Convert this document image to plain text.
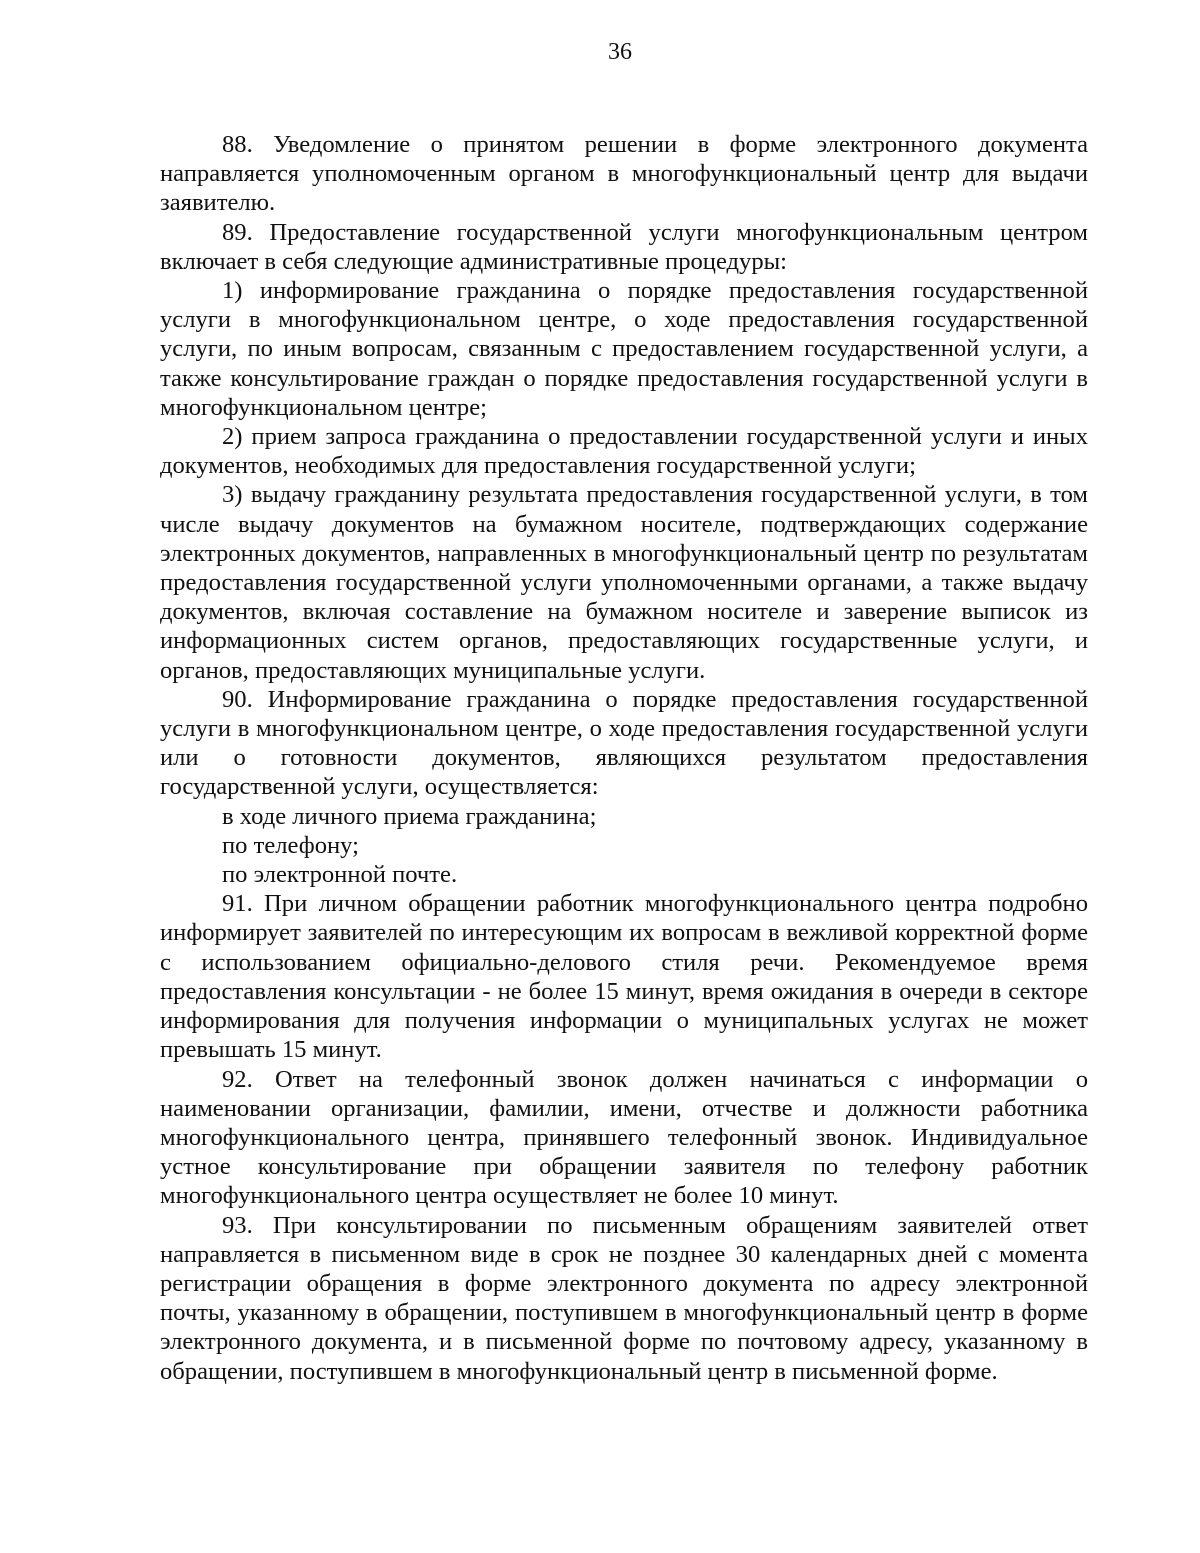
36

88. Уведомление о принятом решении в форме электронного документа направляется уполномоченным органом в многофункциональный центр для выдачи заявителю.

89. Предоставление государственной услуги многофункциональным центром включает в себя следующие административные процедуры:

1) информирование гражданина о порядке предоставления государственной услуги в многофункциональном центре, о ходе предоставления государственной услуги, по иным вопросам, связанным с предоставлением государственной услуги, а также консультирование граждан о порядке предоставления государственной услуги в многофункциональном центре;

2) прием запроса гражданина о предоставлении государственной услуги и иных документов, необходимых для предоставления государственной услуги;

3) выдачу гражданину результата предоставления государственной услуги, в том числе выдачу документов на бумажном носителе, подтверждающих содержание электронных документов, направленных в многофункциональный центр по результатам предоставления государственной услуги уполномоченными органами, а также выдачу документов, включая составление на бумажном носителе и заверение выписок из информационных систем органов, предоставляющих государственные услуги, и органов, предоставляющих муниципальные услуги.

90. Информирование гражданина о порядке предоставления государственной услуги в многофункциональном центре, о ходе предоставления государственной услуги или о готовности документов, являющихся результатом предоставления государственной услуги, осуществляется:

в ходе личного приема гражданина;

по телефону;

по электронной почте.

91. При личном обращении работник многофункционального центра подробно информирует заявителей по интересующим их вопросам в вежливой корректной форме с использованием официально-делового стиля речи. Рекомендуемое время предоставления консультации - не более 15 минут, время ожидания в очереди в секторе информирования для получения информации о муниципальных услугах не может превышать 15 минут.

92. Ответ на телефонный звонок должен начинаться с информации о наименовании организации, фамилии, имени, отчестве и должности работника многофункционального центра, принявшего телефонный звонок. Индивидуальное устное консультирование при обращении заявителя по телефону работник многофункционального центра осуществляет не более 10 минут.

93. При консультировании по письменным обращениям заявителей ответ направляется в письменном виде в срок не позднее 30 календарных дней с момента регистрации обращения в форме электронного документа по адресу электронной почты, указанному в обращении, поступившем в многофункциональный центр в форме электронного документа, и в письменной форме по почтовому адресу, указанному в обращении, поступившем в многофункциональный центр в письменной форме.
